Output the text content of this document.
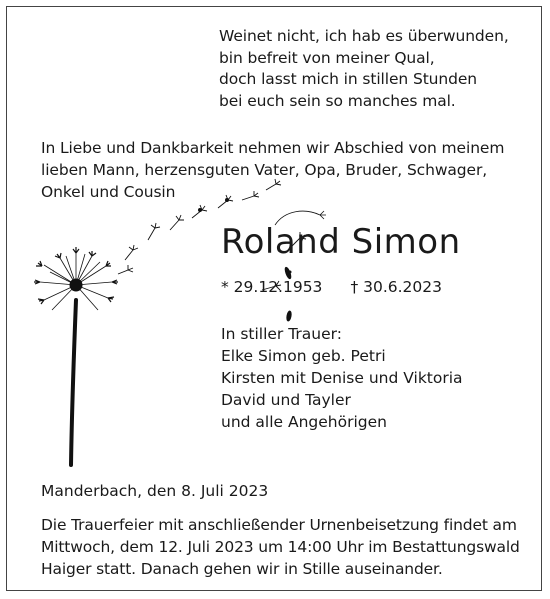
Weinet nicht, ich hab es überwunden,
bin befreit von meiner Qual,
doch lasst mich in stillen Stunden
bei euch sein so manches mal.
In Liebe und Dankbarkeit nehmen wir Abschied von meinem
lieben Mann, herzensguten Vater, Opa, Bruder, Schwager,
Onkel und Cousin
Roland Simon
* 29.12.1953 † 30.6.2023
In stiller Trauer:
Elke Simon geb. Petri
Kirsten mit Denise und Viktoria
David und Tayler
und alle Angehörigen
Manderbach, den 8. Juli 2023
Die Trauerfeier mit anschließender Urnenbeisetzung findet am
Mittwoch, dem 12. Juli 2023 um 14:00 Uhr im Bestattungswald
Haiger statt. Danach gehen wir in Stille auseinander.
